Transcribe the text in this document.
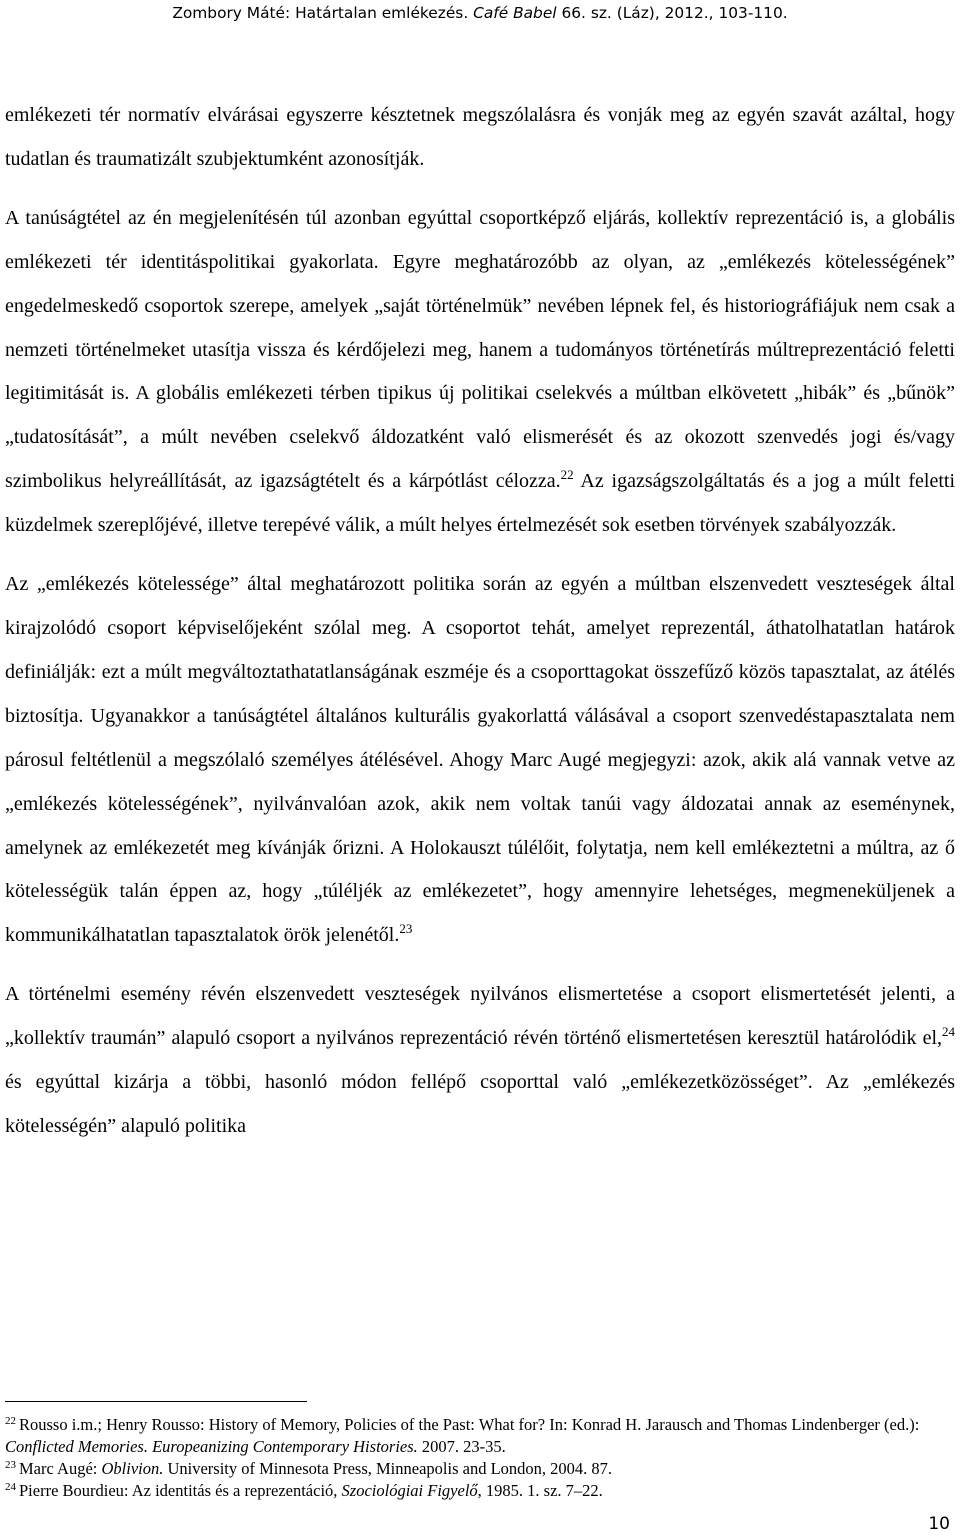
Zombory Máté: Határtalan emlékezés. Café Babel 66. sz. (Láz), 2012., 103-110.

emlékezeti tér normatív elvárásai egyszerre késztetnek megszólalásra és vonják meg az egyén szavát azáltal, hogy tudatlan és traumatizált szubjektumként azonosítják.

A tanúságtétel az én megjelenítésén túl azonban egyúttal csoportképző eljárás, kollektív reprezentáció is, a globális emlékezeti tér identitáspolitikai gyakorlata. Egyre meghatározóbb az olyan, az „emlékezés kötelességének” engedelmeskedő csoportok szerepe, amelyek „saját történelmük” nevében lépnek fel, és historiográfiájuk nem csak a nemzeti történelmeket utasítja vissza és kérdőjelezi meg, hanem a tudományos történetírás múltreprezentáció feletti legitimitását is. A globális emlékezeti térben tipikus új politikai cselekvés a múltban elkövetett „hibák” és „bűnök” „tudatosítását”, a múlt nevében cselekvő áldozatként való elismerését és az okozott szenvedés jogi és/vagy szimbolikus helyreállítását, az igazságtételt és a kárpótlást célozza.$^{22}$ Az igazságszolgáltatás és a jog a múlt feletti küzdelmek szereplőjévé, illetve terepévé válik, a múlt helyes értelmezését sok esetben törvények szabályozzák.

Az „emlékezés kötelessége” által meghatározott politika során az egyén a múltban elszenvedett veszteségek által kirajzolódó csoport képviselőjeként szólal meg. A csoportot tehát, amelyet reprezentál, áthatolhatatlan határok definiálják: ezt a múlt megváltoztathatatlanságának eszméje és a csoporttagokat összefűző közös tapasztalat, az átélés biztosítja. Ugyanakkor a tanúságtétel általános kulturális gyakorlattá válásával a csoport szenvedéstapasztalata nem párosul feltétlenül a megszólaló személyes átélésével. Ahogy Marc Augé megjegyzi: azok, akik alá vannak vetve az „emlékezés kötelességének”, nyilvánvalóan azok, akik nem voltak tanúi vagy áldozatai annak az eseménynek, amelynek az emlékezetét meg kívánják őrizni. A Holokauszt túlélőit, folytatja, nem kell emlékeztetni a múltra, az ő kötelességük talán éppen az, hogy „túléljék az emlékezetet”, hogy amennyire lehetséges, megmeneküljenek a kommunikálhatatlan tapasztalatok örök jelenétől.$^{23}$

A történelmi esemény révén elszenvedett veszteségek nyilvános elismertetése a csoport elismertetését jelenti, a „kollektív traumán” alapuló csoport a nyilvános reprezentáció révén történő elismertetésen keresztül határolódik el,$^{24}$ és egyúttal kizárja a többi, hasonló módon fellépő csoporttal való „emlékezetközösséget”. Az „emlékezés kötelességén” alapuló politika

$^{22}$ Rousso i.m.; Henry Rousso: History of Memory, Policies of the Past: What for? In: Konrad H. Jarausch and Thomas Lindenberger (ed.): Conflicted Memories. Europeanizing Contemporary Histories. 2007. 23-35.

$^{23}$ Marc Augé: Oblivion. University of Minnesota Press, Minneapolis and London, 2004. 87.

$^{24}$ Pierre Bourdieu: Az identitás és a reprezentáció, Szociológiai Figyelő, 1985. 1. sz. 7–22.

10
